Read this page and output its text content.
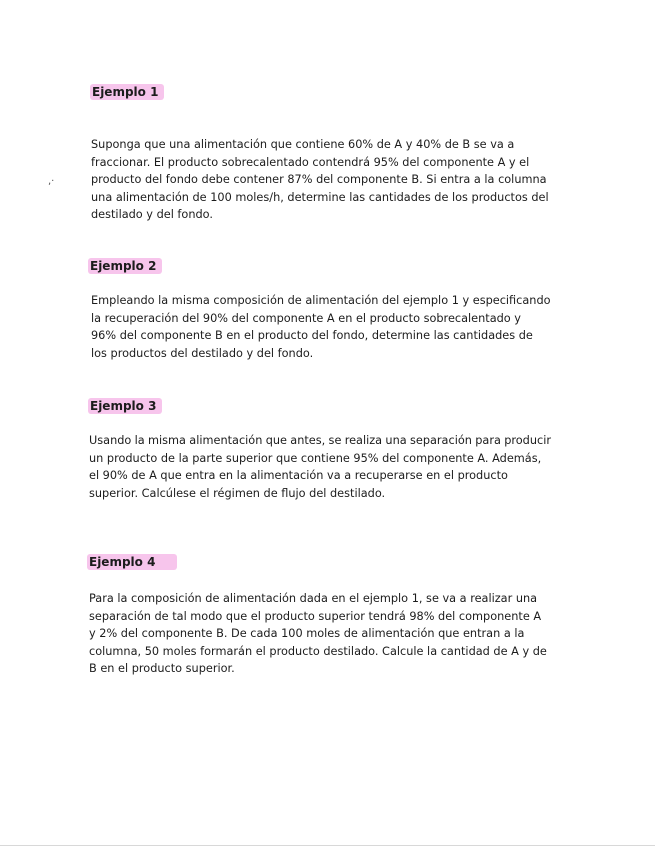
Ejemplo 1
Suponga que una alimentación que contiene 60% de A y 40% de B se va a
fraccionar. El producto sobrecalentado contendrá 95% del componente A y el
producto del fondo debe contener 87% del componente B. Si entra a la columna
una alimentación de 100 moles/h, determine las cantidades de los productos del
destilado y del fondo.
,·
Ejemplo 2
Empleando la misma composición de alimentación del ejemplo 1 y especificando
la recuperación del 90% del componente A en el producto sobrecalentado y
96% del componente B en el producto del fondo, determine las cantidades de
los productos del destilado y del fondo.
Ejemplo 3
Usando la misma alimentación que antes, se realiza una separación para producir
un producto de la parte superior que contiene 95% del componente A. Además,
el 90% de A que entra en la alimentación va a recuperarse en el producto
superior. Calcúlese el régimen de flujo del destilado.
Ejemplo 4
Para la composición de alimentación dada en el ejemplo 1, se va a realizar una
separación de tal modo que el producto superior tendrá 98% del componente A
y 2% del componente B. De cada 100 moles de alimentación que entran a la
columna, 50 moles formarán el producto destilado. Calcule la cantidad de A y de
B en el producto superior.
